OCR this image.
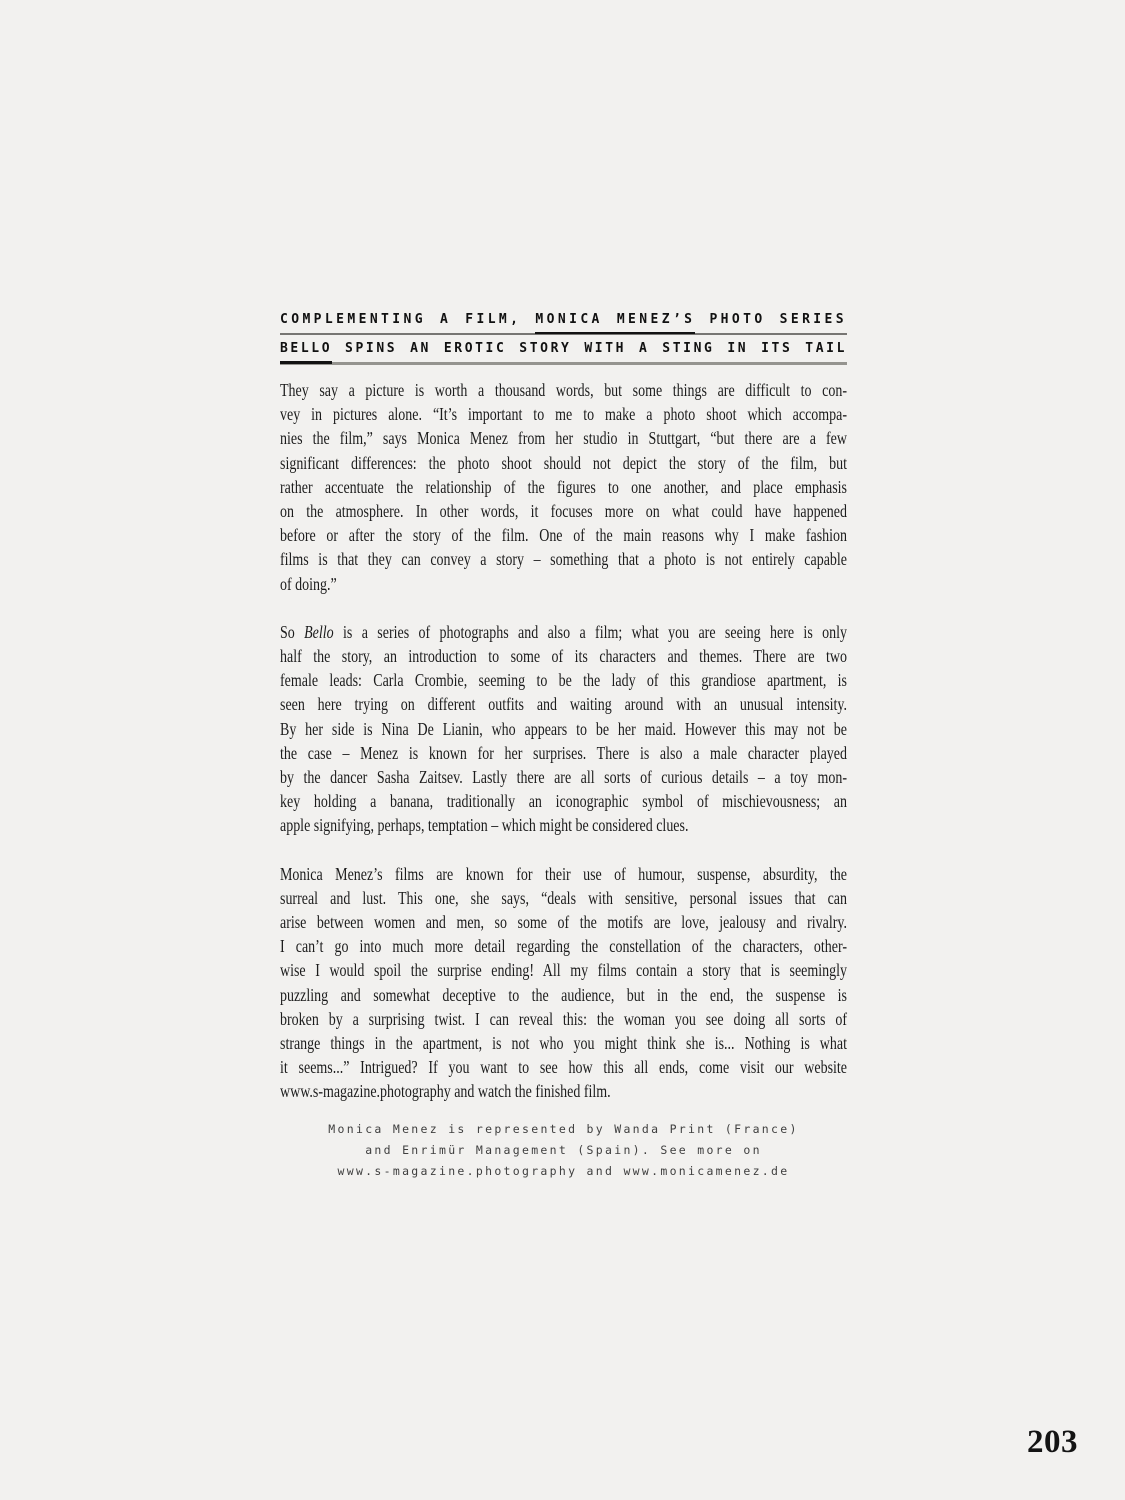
COMPLEMENTING A FILM, MONICA MENEZ’S PHOTO SERIES
BELLO SPINS AN EROTIC STORY WITH A STING IN ITS TAIL

They say a picture is worth a thousand words, but some things are difficult to con-
vey in pictures alone. “It’s important to me to make a photo shoot which accompa-
nies the film,” says Monica Menez from her studio in Stuttgart, “but there are a few
significant differences: the photo shoot should not depict the story of the film, but
rather accentuate the relationship of the figures to one another, and place emphasis
on the atmosphere. In other words, it focuses more on what could have happened
before or after the story of the film. One of the main reasons why I make fashion
films is that they can convey a story – something that a photo is not entirely capable
of doing.”

So Bello is a series of photographs and also a film; what you are seeing here is only
half the story, an introduction to some of its characters and themes. There are two
female leads: Carla Crombie, seeming to be the lady of this grandiose apartment, is
seen here trying on different outfits and waiting around with an unusual intensity.
By her side is Nina De Lianin, who appears to be her maid. However this may not be
the case – Menez is known for her surprises. There is also a male character played
by the dancer Sasha Zaitsev. Lastly there are all sorts of curious details – a toy mon-
key holding a banana, traditionally an iconographic symbol of mischievousness; an
apple signifying, perhaps, temptation – which might be considered clues.

Monica Menez’s films are known for their use of humour, suspense, absurdity, the
surreal and lust. This one, she says, “deals with sensitive, personal issues that can
arise between women and men, so some of the motifs are love, jealousy and rivalry.
I can’t go into much more detail regarding the constellation of the characters, other-
wise I would spoil the surprise ending! All my films contain a story that is seemingly
puzzling and somewhat deceptive to the audience, but in the end, the suspense is
broken by a surprising twist. I can reveal this: the woman you see doing all sorts of
strange things in the apartment, is not who you might think she is... Nothing is what
it seems...” Intrigued? If you want to see how this all ends, come visit our website
www.s-magazine.photography and watch the finished film.

Monica Menez is represented by Wanda Print (France)
and Enrimür Management (Spain). See more on
www.s-magazine.photography and www.monicamenez.de
203
